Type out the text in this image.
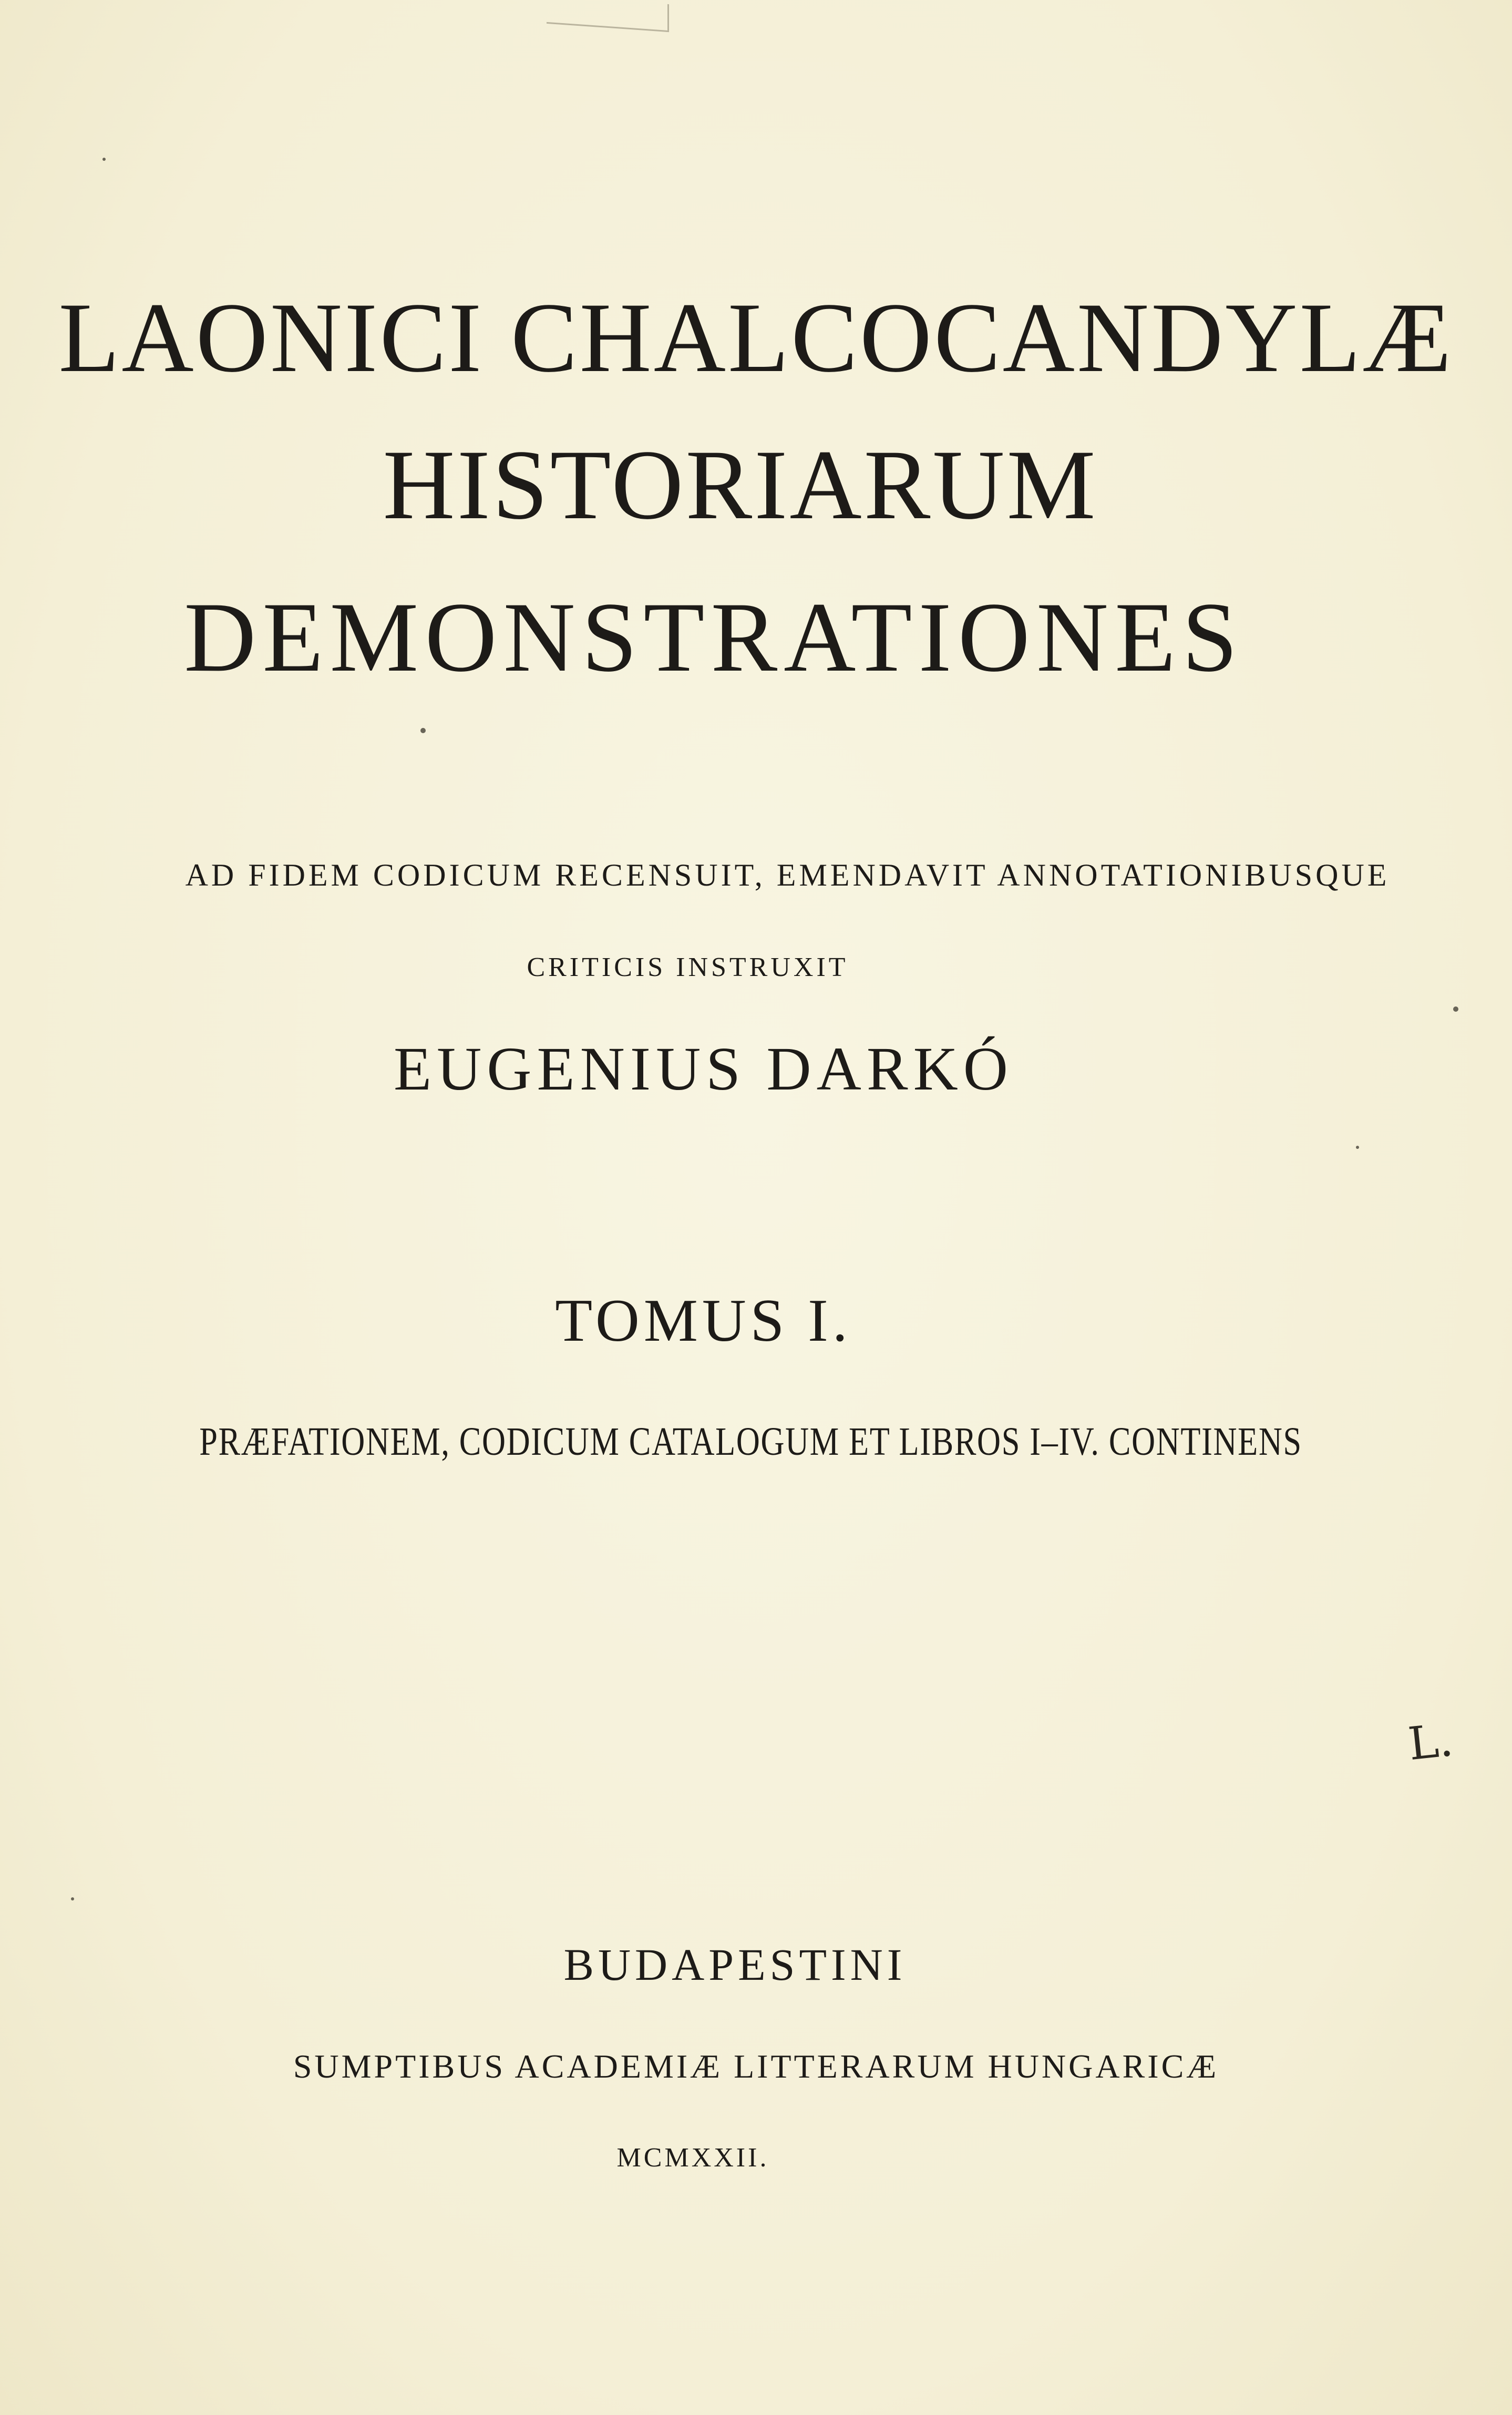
LAONICI CHALCOCANDYLÆ
HISTORIARUM
DEMONSTRATIONES
AD FIDEM CODICUM RECENSUIT, EMENDAVIT ANNOTATIONIBUSQUE
CRITICIS INSTRUXIT
EUGENIUS DARKÓ
TOMUS I.
PRÆFATIONEM, CODICUM CATALOGUM ET LIBROS I–IV. CONTINENS
BUDAPESTINI
SUMPTIBUS ACADEMIÆ LITTERARUM HUNGARICÆ
MCMXXII.
L.
